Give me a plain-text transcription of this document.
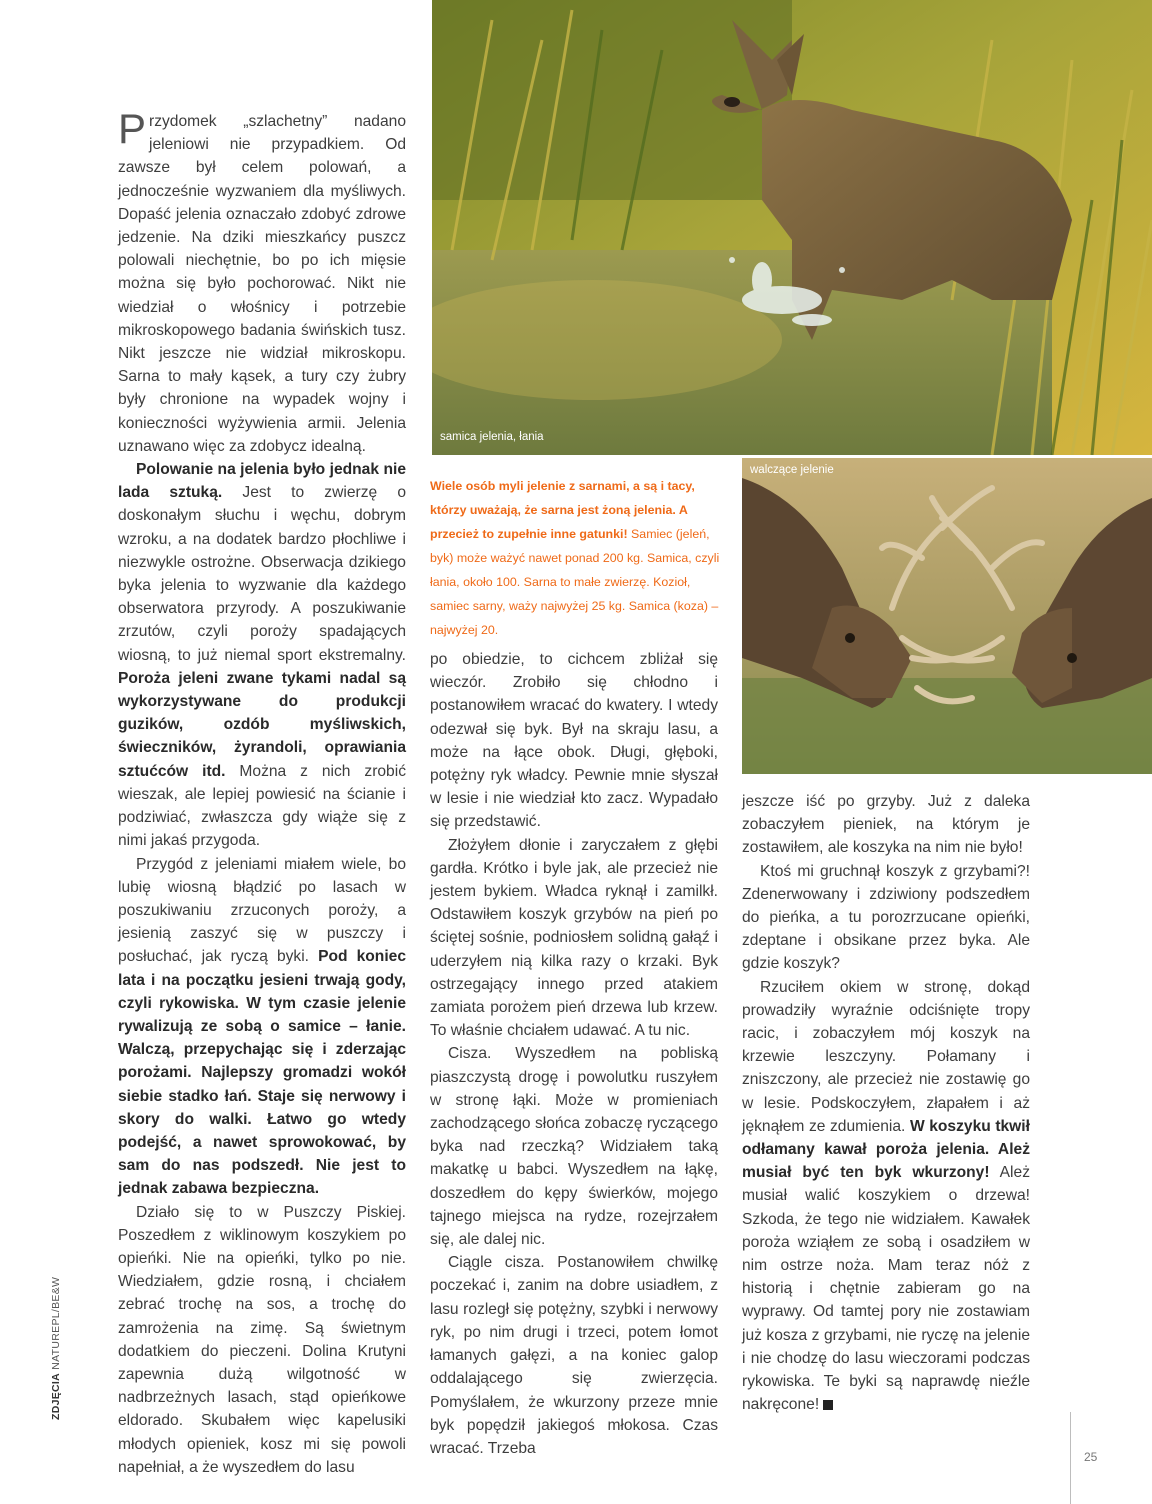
samica jelenia, łania
walczące jelenie
Wiele osób myli jelenie z sarnami, a są i tacy, którzy uważają, że sarna jest żoną jelenia. A przecież to zupełnie inne gatunki! Samiec (jeleń, byk) może ważyć nawet ponad 200 kg. Samica, czyli łania, około 100. Sarna to małe zwierzę. Kozioł, samiec sarny, waży najwyżej 25 kg. Samica (koza) – najwyżej 20.

Przydomek „szlachetny” nadano jeleniowi nie przypadkiem. Od zawsze był celem polowań, a jednocześnie wyzwaniem dla myśliwych. Dopaść jelenia oznaczało zdobyć zdrowe jedzenie. Na dziki mieszkańcy puszcz polowali niechętnie, bo po ich mięsie można się było pochorować. Nikt nie wiedział o włośnicy i potrzebie mikroskopowego badania świńskich tusz. Nikt jeszcze nie widział mikroskopu. Sarna to mały kąsek, a tury czy żubry były chronione na wypadek wojny i konieczności wyżywienia armii. Jelenia uznawano więc za zdobycz idealną.

Polowanie na jelenia było jednak nie lada sztuką. Jest to zwierzę o doskonałym słuchu i węchu, dobrym wzroku, a na dodatek bardzo płochliwe i niezwykle ostrożne. Obserwacja dzikiego byka jelenia to wyzwanie dla każdego obserwatora przyrody. A poszukiwanie zrzutów, czyli poroży spadających wiosną, to już niemal sport ekstremalny. Poroża jeleni zwane tykami nadal są wykorzystywane do produkcji guzików, ozdób myśliwskich, świeczników, żyrandoli, oprawiania sztućców itd. Można z nich zrobić wieszak, ale lepiej powiesić na ścianie i podziwiać, zwłaszcza gdy wiąże się z nimi jakaś przygoda.

Przygód z jeleniami miałem wiele, bo lubię wiosną błądzić po lasach w poszukiwaniu zrzuconych poroży, a jesienią zaszyć się w puszczy i posłuchać, jak ryczą byki. Pod koniec lata i na początku jesieni trwają gody, czyli rykowiska. W tym czasie jelenie rywalizują ze sobą o samice – łanie. Walczą, przepychając się i zderzając porożami. Najlepszy gromadzi wokół siebie stadko łań. Staje się nerwowy i skory do walki. Łatwo go wtedy podejść, a nawet sprowokować, by sam do nas podszedł. Nie jest to jednak zabawa bezpieczna.

Działo się to w Puszczy Piskiej. Poszedłem z wiklinowym koszykiem po opieńki. Nie na opieńki, tylko po nie. Wiedziałem, gdzie rosną, i chciałem zebrać trochę na sos, a trochę do zamrożenia na zimę. Są świetnym dodatkiem do pieczeni. Dolina Krutyni zapewnia dużą wilgotność w nadbrzeżnych lasach, stąd opieńkowe eldorado. Skubałem więc kapelusiki młodych opieniek, kosz mi się powoli napełniał, a że wyszedłem do lasu

po obiedzie, to cichcem zbliżał się wieczór. Zrobiło się chłodno i postanowiłem wracać do kwatery. I wtedy odezwał się byk. Był na skraju lasu, a może na łące obok. Długi, głęboki, potężny ryk władcy. Pewnie mnie słyszał w lesie i nie wiedział kto zacz. Wypadało się przedstawić.

Złożyłem dłonie i zaryczałem z głębi gardła. Krótko i byle jak, ale przecież nie jestem bykiem. Władca ryknął i zamilkł. Odstawiłem koszyk grzybów na pień po ściętej sośnie, podniosłem solidną gałąź i uderzyłem nią kilka razy o krzaki. Byk ostrzegający innego przed atakiem zamiata porożem pień drzewa lub krzew. To właśnie chciałem udawać. A tu nic.

Cisza. Wyszedłem na pobliską piaszczystą drogę i powolutku ruszyłem w stronę łąki. Może w promieniach zachodzącego słońca zobaczę ryczącego byka nad rzeczką? Widziałem taką makatkę u babci. Wyszedłem na łąkę, doszedłem do kępy świerków, mojego tajnego miejsca na rydze, rozejrzałem się, ale dalej nic.

Ciągle cisza. Postanowiłem chwilkę poczekać i, zanim na dobre usiadłem, z lasu rozległ się potężny, szybki i nerwowy ryk, po nim drugi i trzeci, potem łomot łamanych gałęzi, a na koniec galop oddalającego się zwierzęcia. Pomyślałem, że wkurzony przeze mnie byk popędził jakiegoś młokosa. Czas wracać. Trzeba

jeszcze iść po grzyby. Już z daleka zobaczyłem pieniek, na którym je zostawiłem, ale koszyka na nim nie było!

Ktoś mi gruchnął koszyk z grzybami?! Zdenerwowany i zdziwiony podszedłem do pieńka, a tu porozrzucane opieńki, zdeptane i obsikane przez byka. Ale gdzie koszyk?

Rzuciłem okiem w stronę, dokąd prowadziły wyraźnie odciśnięte tropy racic, i zobaczyłem mój koszyk na krzewie leszczyny. Połamany i zniszczony, ale przecież nie zostawię go w lesie. Podskoczyłem, złapałem i aż jęknąłem ze zdumienia. W koszyku tkwił odłamany kawał poroża jelenia. Ależ musiał być ten byk wkurzony! Ależ musiał walić koszykiem o drzewa! Szkoda, że tego nie widziałem. Kawałek poroża wziąłem ze sobą i osadziłem w nim ostrze noża. Mam teraz nóż z historią i chętnie zabieram go na wyprawy. Od tamtej pory nie zostawiam już kosza z grzybami, nie ryczę na jelenie i nie chodzę do lasu wieczorami podczas rykowiska. Te byki są naprawdę nieźle nakręcone!

ZDJĘCIA NATUREPL/BE&W
25
